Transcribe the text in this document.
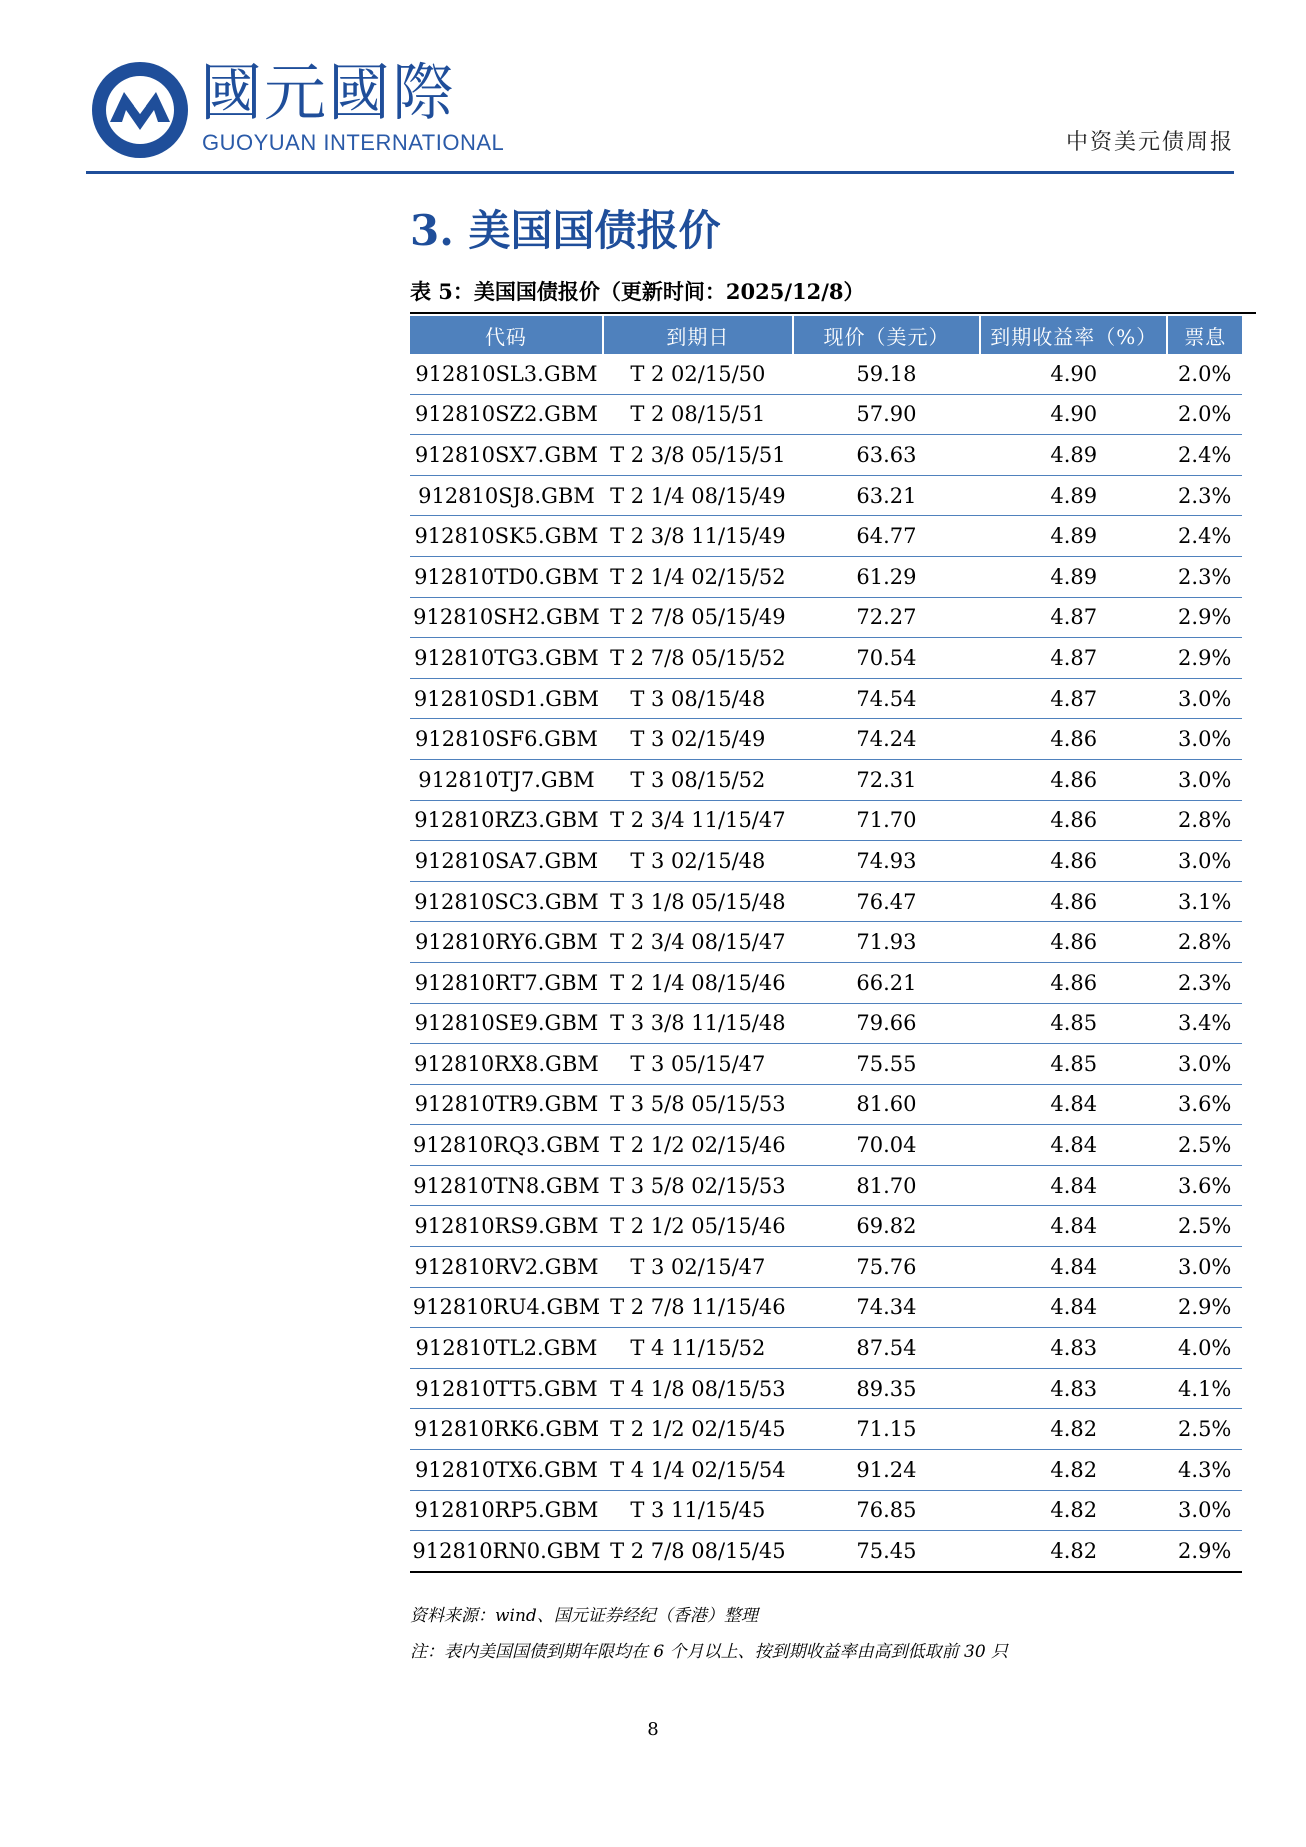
國元國際
GUOYUAN INTERNATIONAL	中资美元债周报
3. 美国国债报价
表 5：美国国债报价（更新时间：2025/12/8）
代码	到期日	现价（美元）	到期收益率（%）	票息
912810SL3.GBM	T 2 02/15/50	59.18	4.90	2.0%
912810SZ2.GBM	T 2 08/15/51	57.90	4.90	2.0%
912810SX7.GBM	T 2 3/8 05/15/51	63.63	4.89	2.4%
912810SJ8.GBM	T 2 1/4 08/15/49	63.21	4.89	2.3%
912810SK5.GBM	T 2 3/8 11/15/49	64.77	4.89	2.4%
912810TD0.GBM	T 2 1/4 02/15/52	61.29	4.89	2.3%
912810SH2.GBM	T 2 7/8 05/15/49	72.27	4.87	2.9%
912810TG3.GBM	T 2 7/8 05/15/52	70.54	4.87	2.9%
912810SD1.GBM	T 3 08/15/48	74.54	4.87	3.0%
912810SF6.GBM	T 3 02/15/49	74.24	4.86	3.0%
912810TJ7.GBM	T 3 08/15/52	72.31	4.86	3.0%
912810RZ3.GBM	T 2 3/4 11/15/47	71.70	4.86	2.8%
912810SA7.GBM	T 3 02/15/48	74.93	4.86	3.0%
912810SC3.GBM	T 3 1/8 05/15/48	76.47	4.86	3.1%
912810RY6.GBM	T 2 3/4 08/15/47	71.93	4.86	2.8%
912810RT7.GBM	T 2 1/4 08/15/46	66.21	4.86	2.3%
912810SE9.GBM	T 3 3/8 11/15/48	79.66	4.85	3.4%
912810RX8.GBM	T 3 05/15/47	75.55	4.85	3.0%
912810TR9.GBM	T 3 5/8 05/15/53	81.60	4.84	3.6%
912810RQ3.GBM	T 2 1/2 02/15/46	70.04	4.84	2.5%
912810TN8.GBM	T 3 5/8 02/15/53	81.70	4.84	3.6%
912810RS9.GBM	T 2 1/2 05/15/46	69.82	4.84	2.5%
912810RV2.GBM	T 3 02/15/47	75.76	4.84	3.0%
912810RU4.GBM	T 2 7/8 11/15/46	74.34	4.84	2.9%
912810TL2.GBM	T 4 11/15/52	87.54	4.83	4.0%
912810TT5.GBM	T 4 1/8 08/15/53	89.35	4.83	4.1%
912810RK6.GBM	T 2 1/2 02/15/45	71.15	4.82	2.5%
912810TX6.GBM	T 4 1/4 02/15/54	91.24	4.82	4.3%
912810RP5.GBM	T 3 11/15/45	76.85	4.82	3.0%
912810RN0.GBM	T 2 7/8 08/15/45	75.45	4.82	2.9%
资料来源：wind、国元证券经纪（香港）整理
注：表内美国国债到期年限均在 6 个月以上、按到期收益率由高到低取前 30 只
8
